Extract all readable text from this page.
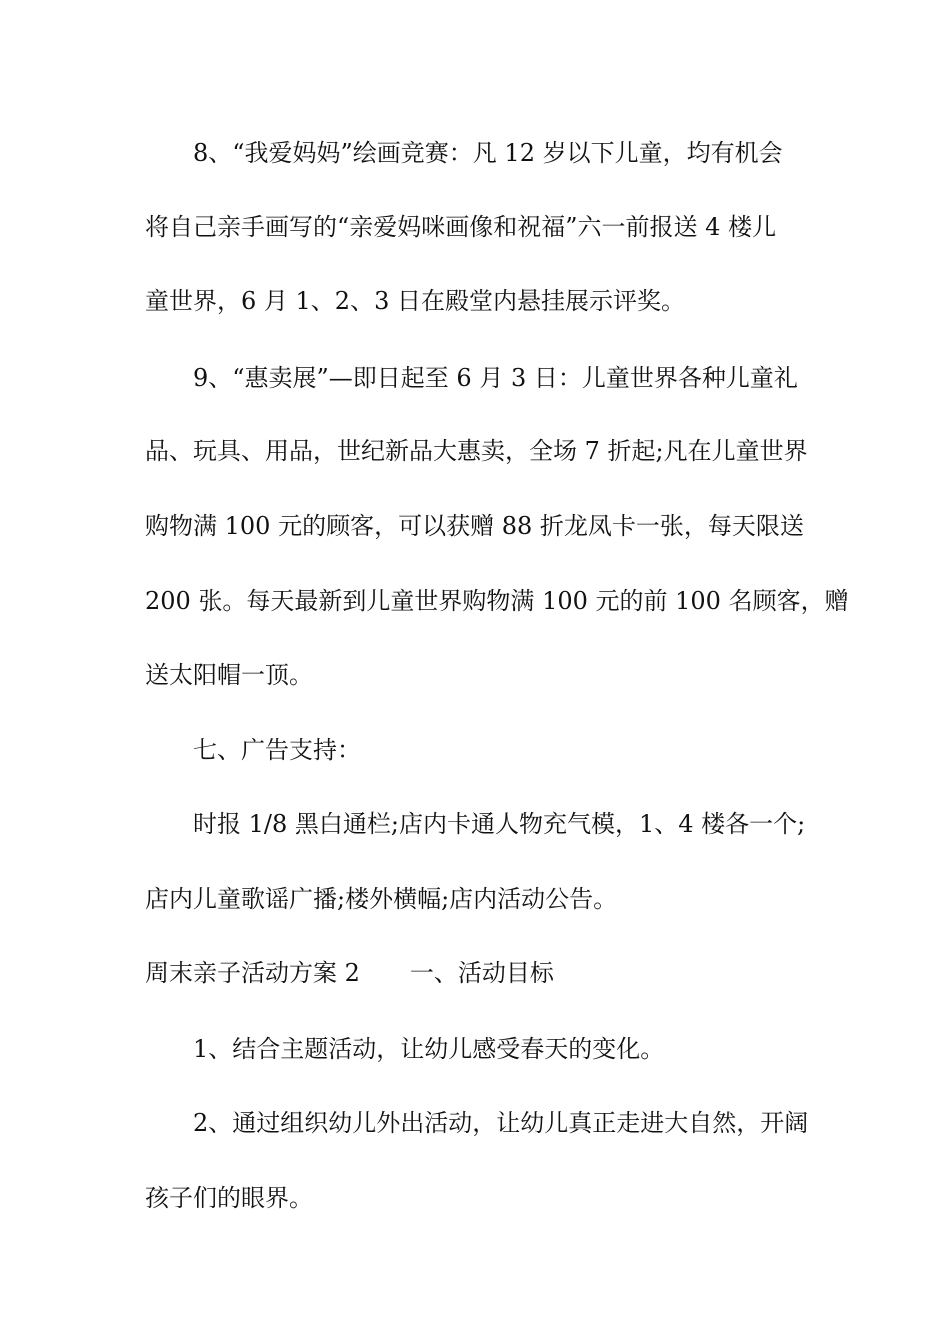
8、“我爱妈妈”绘画竞赛：凡 12 岁以下儿童，均有机会
将自己亲手画写的“亲爱妈咪画像和祝福”六一前报送 4 楼儿
童世界，6 月 1、2、3 日在殿堂内悬挂展示评奖。
9、“惠卖展”—即日起至 6 月 3 日：儿童世界各种儿童礼
品、玩具、用品，世纪新品大惠卖，全场 7 折起;凡在儿童世界
购物满 100 元的顾客，可以获赠 88 折龙凤卡一张，每天限送
200 张。每天最新到儿童世界购物满 100 元的前 100 名顾客，赠
送太阳帽一顶。
七、广告支持：
时报 1/8 黑白通栏;店内卡通人物充气模，1、4 楼各一个;
店内儿童歌谣广播;楼外横幅;店内活动公告。
周末亲子活动方案 2 一、活动目标
1、结合主题活动，让幼儿感受春天的变化。
2、通过组织幼儿外出活动，让幼儿真正走进大自然，开阔
孩子们的眼界。
